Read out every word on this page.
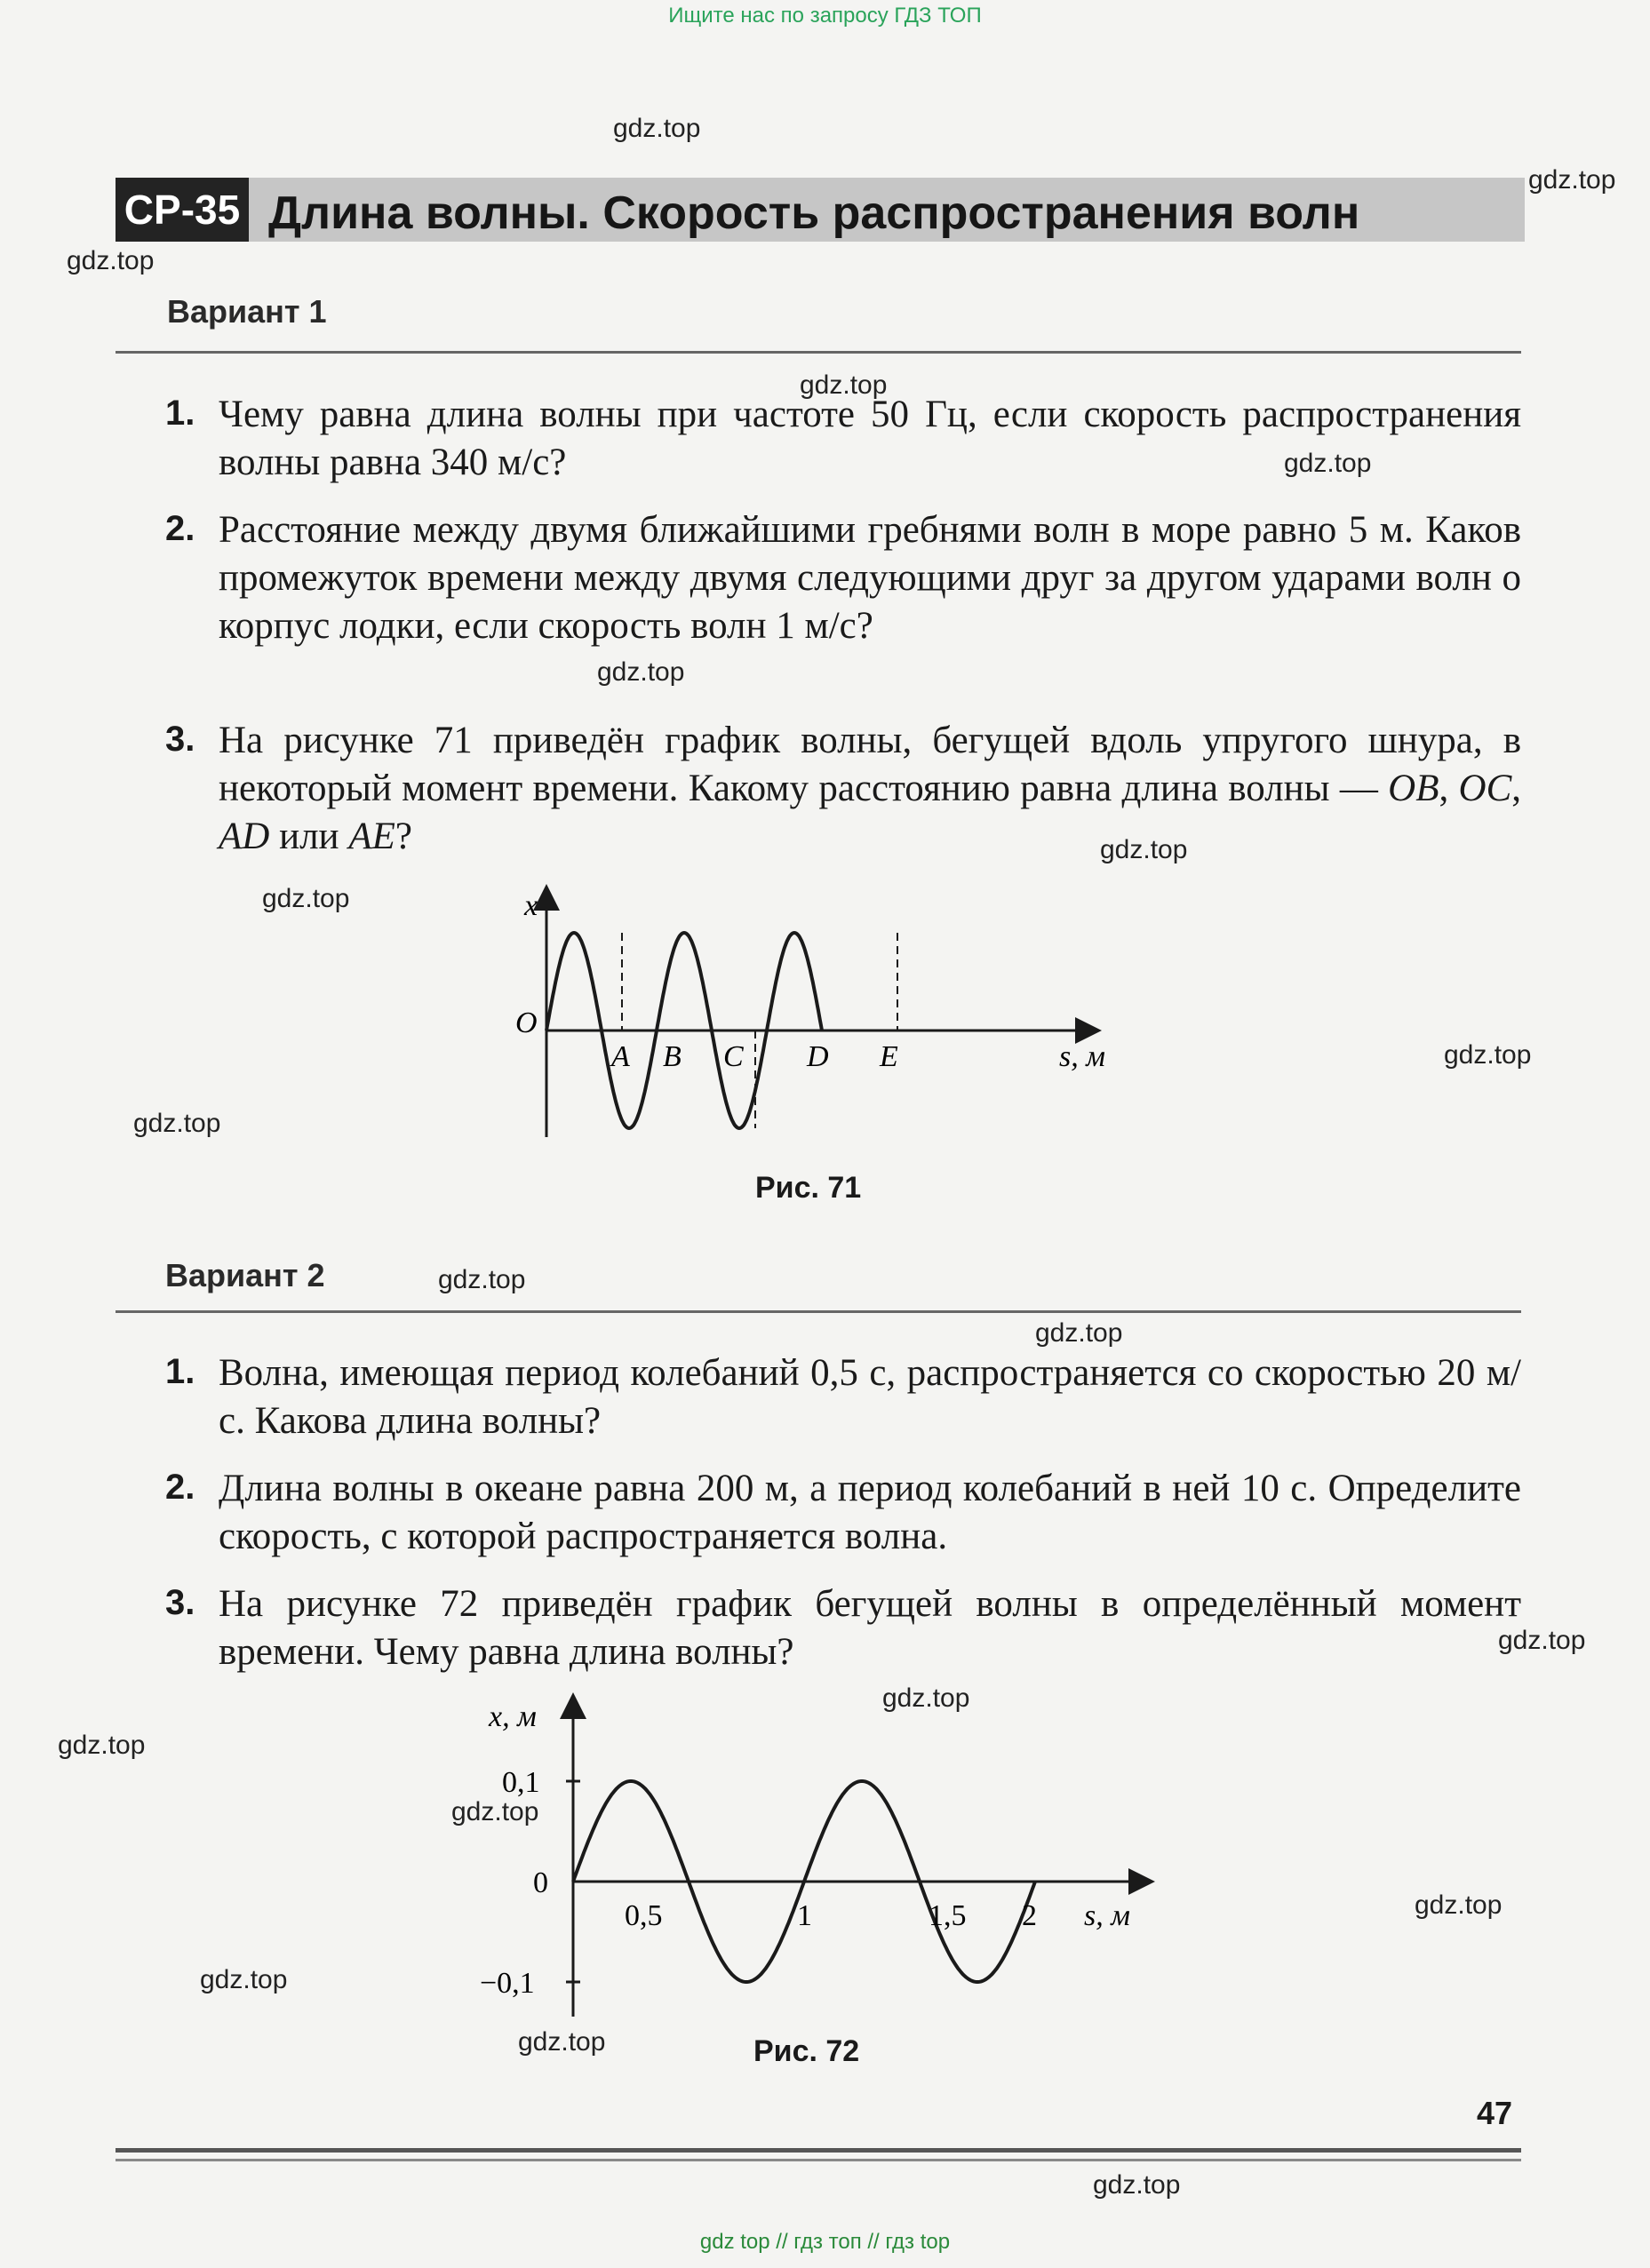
Ищите нас по запросу ГДЗ ТОП
gdz top // гдз топ // гдз top
СР-35 Длина волны. Скорость распространения волн
Вариант 1
1. Чему равна длина волны при частоте 50 Гц, если скорость распространения волны равна 340 м/с?
2. Расстояние между двумя ближайшими гребнями волн в море равно 5 м. Каков промежуток времени между двумя следующими друг за другом ударами волн о корпус лодки, если скорость волн 1 м/с?
3. На рисунке 71 приведён график волны, бегущей вдоль упругого шнура, в некоторый момент времени. Какому расстоянию равна длина волны — OB, OC, AD или AE?
x
O
A B C D E	s, м
Рис. 71
Вариант 2
1. Волна, имеющая период колебаний 0,5 с, распространяется со скоростью 20 м/с. Какова длина волны?
2. Длина волны в океане равна 200 м, а период колебаний в ней 10 с. Определите скорость, с которой распространяется волна.
3. На рисунке 72 приведён график бегущей волны в определённый момент времени. Чему равна длина волны?
x, м
0,1
0
−0,1
0,5	1	1,5 2 s, м
Рис. 72
47
gdz.top
gdz.top
gdz.top
gdz.top
gdz.top
gdz.top
gdz.top
gdz.top
gdz.top
gdz.top
gdz.top
gdz.top
gdz.top
gdz.top
gdz.top
gdz.top
gdz.top
gdz.top
gdz.top
gdz.top
